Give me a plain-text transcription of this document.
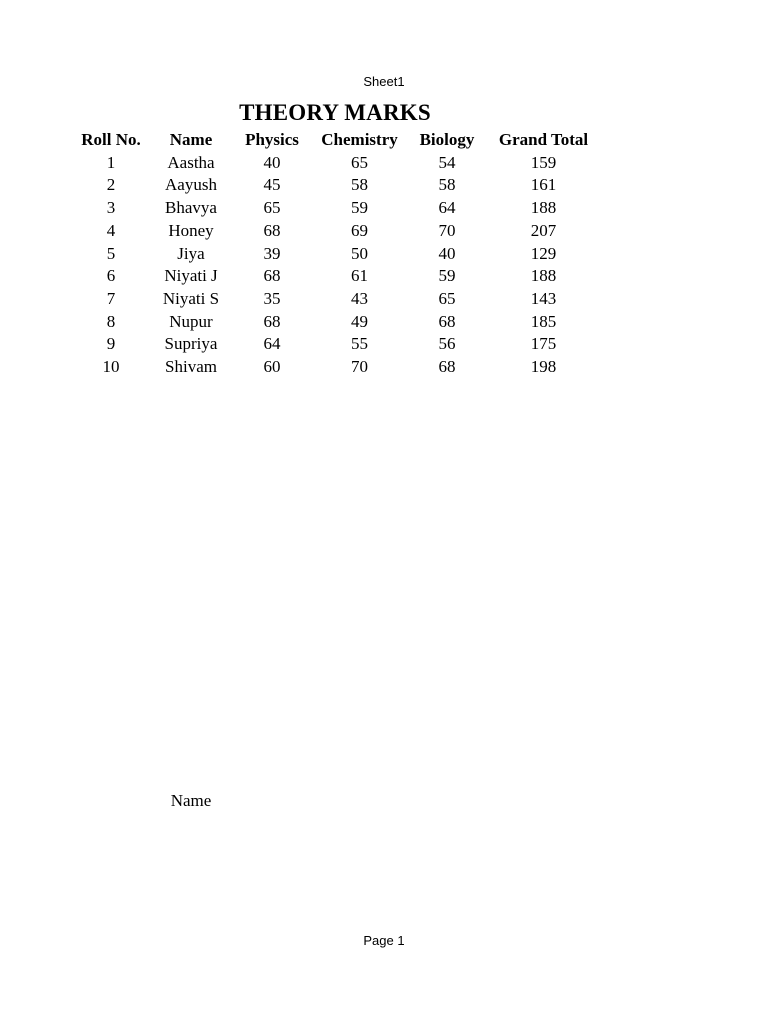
Sheet1
THEORY MARKS
Roll No.	Name	Physics	Chemistry	Biology	Grand Total
1	Aastha	40	65	54	159
2	Aayush	45	58	58	161
3	Bhavya	65	59	64	188
4	Honey	68	69	70	207
5	Jiya	39	50	40	129
6	Niyati J	68	61	59	188
7	Niyati S	35	43	65	143
8	Nupur	68	49	68	185
9	Supriya	64	55	56	175
10	Shivam	60	70	68	198
Name
Page 1
